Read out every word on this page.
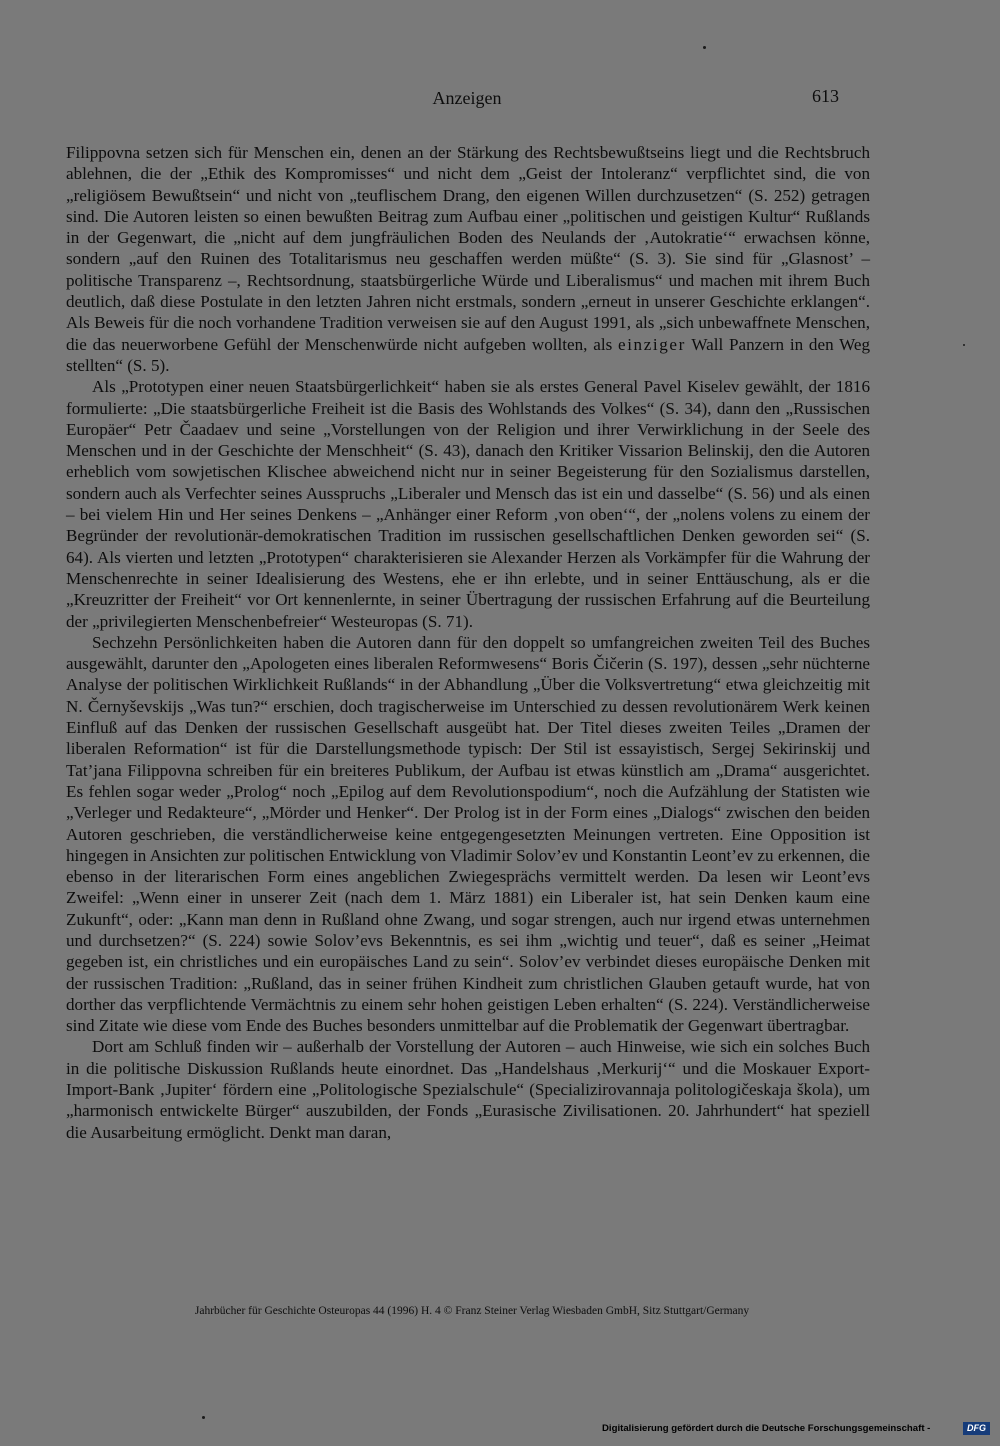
Anzeigen	613

Filippovna setzen sich für Menschen ein, denen an der Stärkung des Rechtsbewußtseins liegt und die Rechtsbruch ablehnen, die der „Ethik des Kompromisses“ und nicht dem „Geist der Intoleranz“ verpflichtet sind, die von „religiösem Bewußtsein“ und nicht von „teuflischem Drang, den eigenen Willen durchzusetzen“ (S. 252) getragen sind. Die Autoren leisten so einen bewußten Beitrag zum Aufbau einer „politischen und geistigen Kultur“ Rußlands in der Gegenwart, die „nicht auf dem jungfräulichen Boden des Neulands der ‚Autokratie‘“ erwachsen könne, sondern „auf den Ruinen des Totalitarismus neu geschaffen werden müßte“ (S. 3). Sie sind für „Glasnost’ – politische Transparenz –, Rechtsordnung, staatsbürgerliche Würde und Liberalismus“ und machen mit ihrem Buch deutlich, daß diese Postulate in den letzten Jahren nicht erstmals, sondern „erneut in unserer Geschichte erklangen“. Als Beweis für die noch vorhandene Tradition verweisen sie auf den August 1991, als „sich unbewaffnete Menschen, die das neuerworbene Gefühl der Menschenwürde nicht aufgeben wollten, als einziger Wall Panzern in den Weg stellten“ (S. 5).

Als „Prototypen einer neuen Staatsbürgerlichkeit“ haben sie als erstes General Pavel Kiselev gewählt, der 1816 formulierte: „Die staatsbürgerliche Freiheit ist die Basis des Wohlstands des Volkes“ (S. 34), dann den „Russischen Europäer“ Petr Čaadaev und seine „Vorstellungen von der Religion und ihrer Verwirklichung in der Seele des Menschen und in der Geschichte der Menschheit“ (S. 43), danach den Kritiker Vissarion Belinskij, den die Autoren erheblich vom sowjetischen Klischee abweichend nicht nur in seiner Begeisterung für den Sozialismus darstellen, sondern auch als Verfechter seines Ausspruchs „Liberaler und Mensch das ist ein und dasselbe“ (S. 56) und als einen – bei vielem Hin und Her seines Denkens – „Anhänger einer Reform ‚von oben‘“, der „nolens volens zu einem der Begründer der revolutionär-demokratischen Tradition im russischen gesellschaftlichen Denken geworden sei“ (S. 64). Als vierten und letzten „Prototypen“ charakterisieren sie Alexander Herzen als Vorkämpfer für die Wahrung der Menschenrechte in seiner Idealisierung des Westens, ehe er ihn erlebte, und in seiner Enttäuschung, als er die „Kreuzritter der Freiheit“ vor Ort kennenlernte, in seiner Übertragung der russischen Erfahrung auf die Beurteilung der „privilegierten Menschenbefreier“ Westeuropas (S. 71).

Sechzehn Persönlichkeiten haben die Autoren dann für den doppelt so umfangreichen zweiten Teil des Buches ausgewählt, darunter den „Apologeten eines liberalen Reformwesens“ Boris Čičerin (S. 197), dessen „sehr nüchterne Analyse der politischen Wirklichkeit Rußlands“ in der Abhandlung „Über die Volksvertretung“ etwa gleichzeitig mit N. Černyševskijs „Was tun?“ erschien, doch tragischerweise im Unterschied zu dessen revolutionärem Werk keinen Einfluß auf das Denken der russischen Gesellschaft ausgeübt hat. Der Titel dieses zweiten Teiles „Dramen der liberalen Reformation“ ist für die Darstellungsmethode typisch: Der Stil ist essayistisch, Sergej Sekirinskij und Tat’jana Filippovna schreiben für ein breiteres Publikum, der Aufbau ist etwas künstlich am „Drama“ ausgerichtet. Es fehlen sogar weder „Prolog“ noch „Epilog auf dem Revolutionspodium“, noch die Aufzählung der Statisten wie „Verleger und Redakteure“, „Mörder und Henker“. Der Prolog ist in der Form eines „Dialogs“ zwischen den beiden Autoren geschrieben, die verständlicherweise keine entgegengesetzten Meinungen vertreten. Eine Opposition ist hingegen in Ansichten zur politischen Entwicklung von Vladimir Solov’ev und Konstantin Leont’ev zu erkennen, die ebenso in der literarischen Form eines angeblichen Zwiegesprächs vermittelt werden. Da lesen wir Leont’evs Zweifel: „Wenn einer in unserer Zeit (nach dem 1. März 1881) ein Liberaler ist, hat sein Denken kaum eine Zukunft“, oder: „Kann man denn in Rußland ohne Zwang, und sogar strengen, auch nur irgend etwas unternehmen und durchsetzen?“ (S. 224) sowie Solov’evs Bekenntnis, es sei ihm „wichtig und teuer“, daß es seiner „Heimat gegeben ist, ein christliches und ein europäisches Land zu sein“. Solov’ev verbindet dieses europäische Denken mit der russischen Tradition: „Rußland, das in seiner frühen Kindheit zum christlichen Glauben getauft wurde, hat von dorther das verpflichtende Vermächtnis zu einem sehr hohen geistigen Leben erhalten“ (S. 224). Verständlicherweise sind Zitate wie diese vom Ende des Buches besonders unmittelbar auf die Problematik der Gegenwart übertragbar.

Dort am Schluß finden wir – außerhalb der Vorstellung der Autoren – auch Hinweise, wie sich ein solches Buch in die politische Diskussion Rußlands heute einordnet. Das „Handelshaus ‚Merkurij‘“ und die Moskauer Export-Import-Bank ‚Jupiter‘ fördern eine „Politologische Spezialschule“ (Specializirovannaja politologičeskaja škola), um „harmonisch entwickelte Bürger“ auszubilden, der Fonds „Eurasische Zivilisationen. 20. Jahrhundert“ hat speziell die Ausarbeitung ermöglicht. Denkt man daran,

Jahrbücher für Geschichte Osteuropas 44 (1996) H. 4 © Franz Steiner Verlag Wiesbaden GmbH, Sitz Stuttgart/Germany
Digitalisierung gefördert durch die Deutsche Forschungsgemeinschaft -	DFG
